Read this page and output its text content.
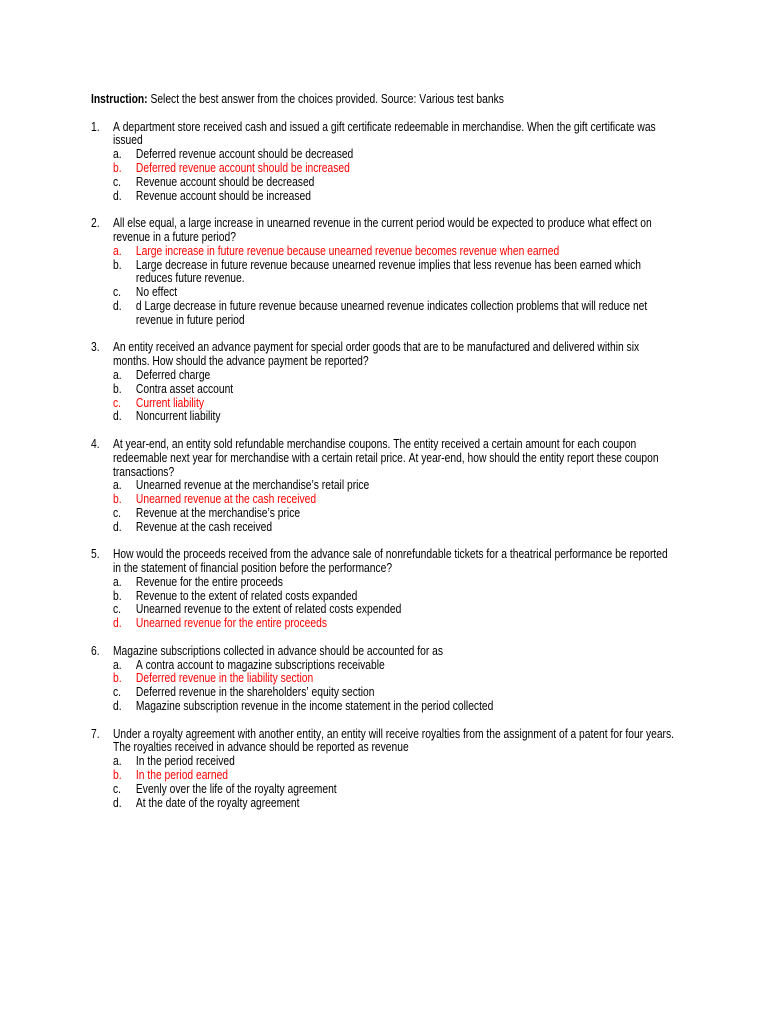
Instruction: Select the best answer from the choices provided. Source: Various test banks

1.	A department store received cash and issued a gift certificate redeemable in merchandise. When the gift certificate was issued
a.	Deferred revenue account should be decreased
b.	Deferred revenue account should be increased
c.	Revenue account should be decreased
d.	Revenue account should be increased
2.	All else equal, a large increase in unearned revenue in the current period would be expected to produce what effect on revenue in a future period?
a.	Large increase in future revenue because unearned revenue becomes revenue when earned
b.	Large decrease in future revenue because unearned revenue implies that less revenue has been earned which reduces future revenue.
c.	No effect
d.	d Large decrease in future revenue because unearned revenue indicates collection problems that will reduce net revenue in future period
3.	An entity received an advance payment for special order goods that are to be manufactured and delivered within six months. How should the advance payment be reported?
a.	Deferred charge
b.	Contra asset account
c.	Current liability
d.	Noncurrent liability
4.	At year-end, an entity sold refundable merchandise coupons. The entity received a certain amount for each coupon redeemable next year for merchandise with a certain retail price. At year-end, how should the entity report these coupon transactions?
a.	Unearned revenue at the merchandise’s retail price
b.	Unearned revenue at the cash received
c.	Revenue at the merchandise’s price
d.	Revenue at the cash received
5.	How would the proceeds received from the advance sale of nonrefundable tickets for a theatrical performance be reported in the statement of financial position before the performance?
a.	Revenue for the entire proceeds
b.	Revenue to the extent of related costs expanded
c.	Unearned revenue to the extent of related costs expended
d.	Unearned revenue for the entire proceeds
6.	Magazine subscriptions collected in advance should be accounted for as
a.	A contra account to magazine subscriptions receivable
b.	Deferred revenue in the liability section
c.	Deferred revenue in the shareholders’ equity section
d.	Magazine subscription revenue in the income statement in the period collected
7.	Under a royalty agreement with another entity, an entity will receive royalties from the assignment of a patent for four years. The royalties received in advance should be reported as revenue
a.	In the period received
b.	In the period earned
c.	Evenly over the life of the royalty agreement
d.	At the date of the royalty agreement
